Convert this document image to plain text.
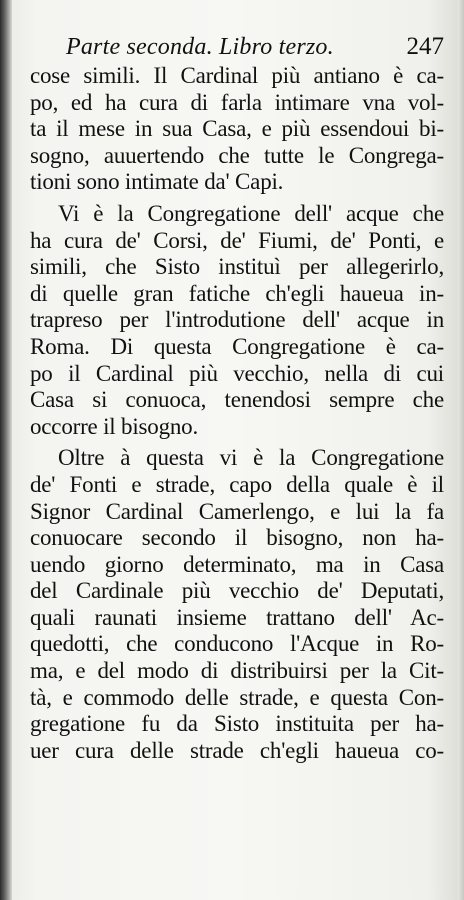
Parte seconda. Libro terzo.	247
cose simili. Il Cardinal più antiano è ca-
po, ed ha cura di farla intimare vna vol-
ta il mese in sua Casa, e più essendoui bi-
sogno, auuertendo che tutte le Congrega-
tioni sono intimate da' Capi.
Vi è la Congregatione dell' acque che
ha cura de' Corsi, de' Fiumi, de' Ponti, e
simili, che Sisto instituì per allegerirlo,
di quelle gran fatiche ch'egli haueua in-
trapreso per l'introdutione dell' acque in
Roma. Di questa Congregatione è ca-
po il Cardinal più vecchio, nella di cui
Casa si conuoca, tenendosi sempre che
occorre il bisogno.
Oltre à questa vi è la Congregatione
de' Fonti e strade, capo della quale è il
Signor Cardinal Camerlengo, e lui la fa
conuocare secondo il bisogno, non ha-
uendo giorno determinato, ma in Casa
del Cardinale più vecchio de' Deputati,
quali raunati insieme trattano dell' Ac-
quedotti, che conducono l'Acque in Ro-
ma, e del modo di distribuirsi per la Cit-
tà, e commodo delle strade, e questa Con-
gregatione fu da Sisto instituita per ha-
uer cura delle strade ch'egli haueua co-
